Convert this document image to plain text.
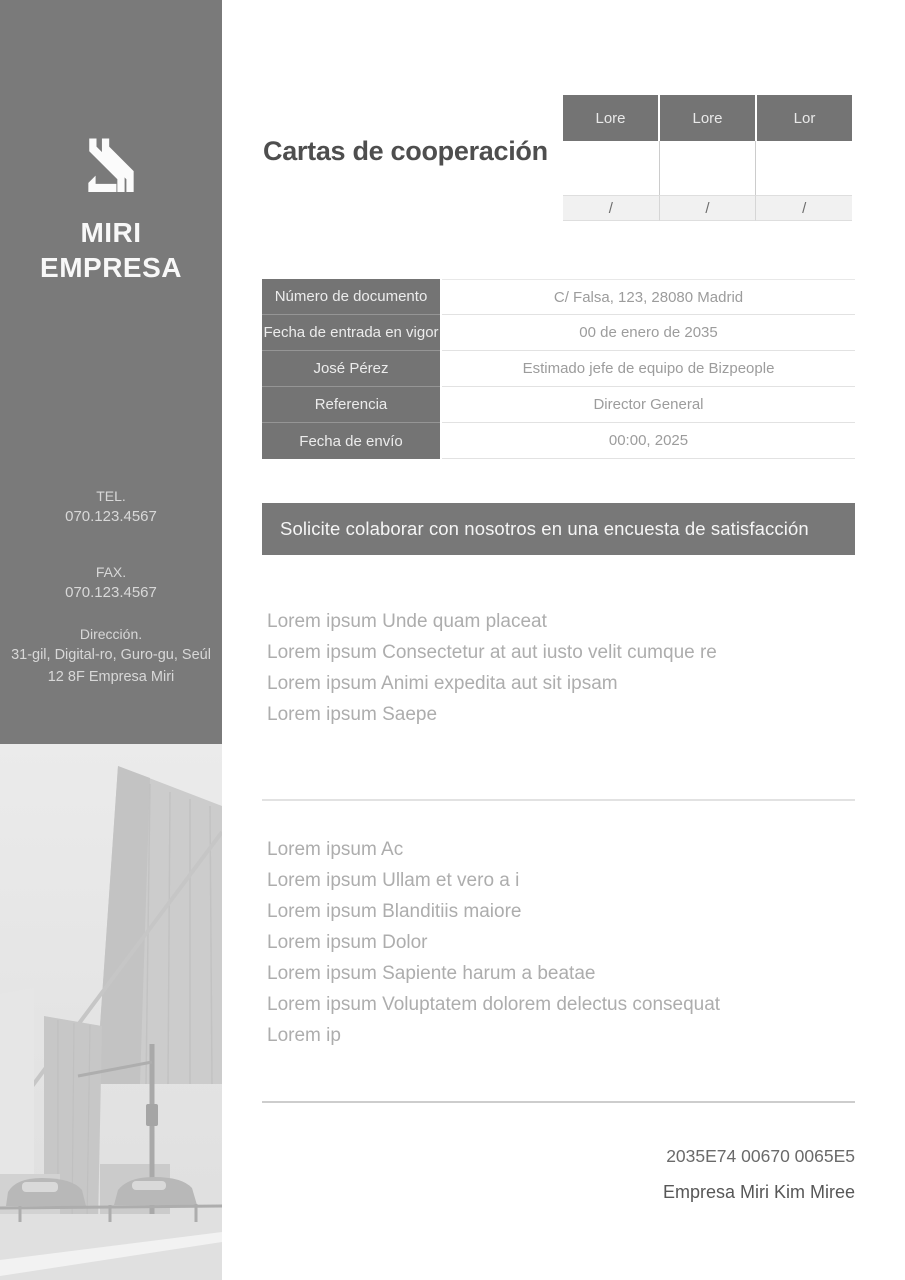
MIRI
EMPRESA
TEL.
070.123.4567
FAX.
070.123.4567
Dirección.
31-gil, Digital-ro, Guro-gu, Seúl
12 8F Empresa Miri
Cartas de cooperación
Lore	Lore	Lor
/	/	/
Número de documento	C/ Falsa, 123, 28080 Madrid
Fecha de entrada en vigor	00 de enero de 2035
José Pérez	Estimado jefe de equipo de Bizpeople
Referencia	Director General
Fecha de envío	00:00, 2025
Solicite colaborar con nosotros en una encuesta de satisfacción
Lorem ipsum Unde quam placeat
Lorem ipsum Consectetur at aut iusto velit cumque re
Lorem ipsum Animi expedita aut sit ipsam
Lorem ipsum Saepe
Lorem ipsum Ac
Lorem ipsum Ullam et vero a i
Lorem ipsum Blanditiis maiore
Lorem ipsum Dolor
Lorem ipsum Sapiente harum a beatae
Lorem ipsum Voluptatem dolorem delectus consequat
Lorem ip
2035E74 00670 0065E5
Empresa Miri Kim Miree
